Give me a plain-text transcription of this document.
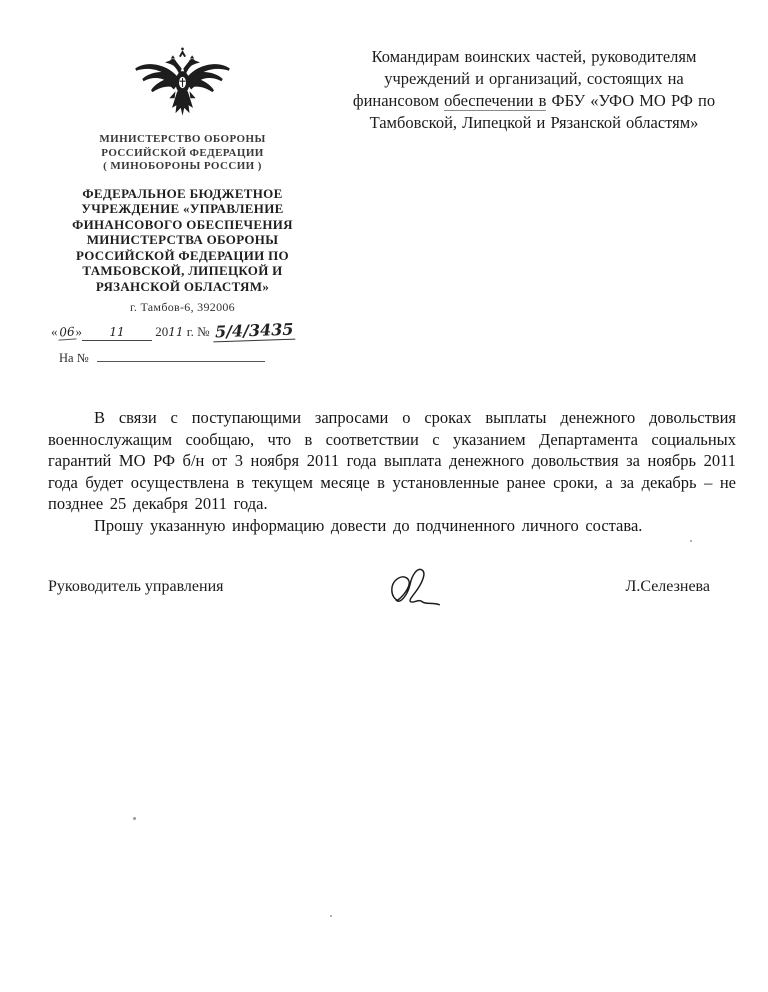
МИНИСТЕРСТВО ОБОРОНЫ
РОССИЙСКОЙ ФЕДЕРАЦИИ
( МИНОБОРОНЫ РОССИИ )
ФЕДЕРАЛЬНОЕ БЮДЖЕТНОЕ
УЧРЕЖДЕНИЕ «УПРАВЛЕНИЕ
ФИНАНСОВОГО ОБЕСПЕЧЕНИЯ
МИНИСТЕРСТВА ОБОРОНЫ
РОССИЙСКОЙ ФЕДЕРАЦИИ ПО
ТАМБОВСКОЙ, ЛИПЕЦКОЙ И
РЯЗАНСКОЙ ОБЛАСТЯМ»
г. Тамбов-6, 392006
«06» 11 2011 г. № 5/4/3435
На №
Командирам воинских частей, руководителям
учреждений и организаций, состоящих на
финансовом обеспечении в ФБУ «УФО МО РФ по
Тамбовской, Липецкой и Рязанской областям»

В связи с поступающими запросами о сроках выплаты денежного довольствия военнослужащим сообщаю, что в соответствии с указанием Департамента социальных гарантий МО РФ б/н от 3 ноября 2011 года выплата денежного довольствия за ноябрь 2011 года будет осуществлена в текущем месяце в установленные ранее сроки, а за декабрь – не позднее 25 декабря 2011 года.

Прошу указанную информацию довести до подчиненного личного состава.

Руководитель управления	Л.Селезнева
